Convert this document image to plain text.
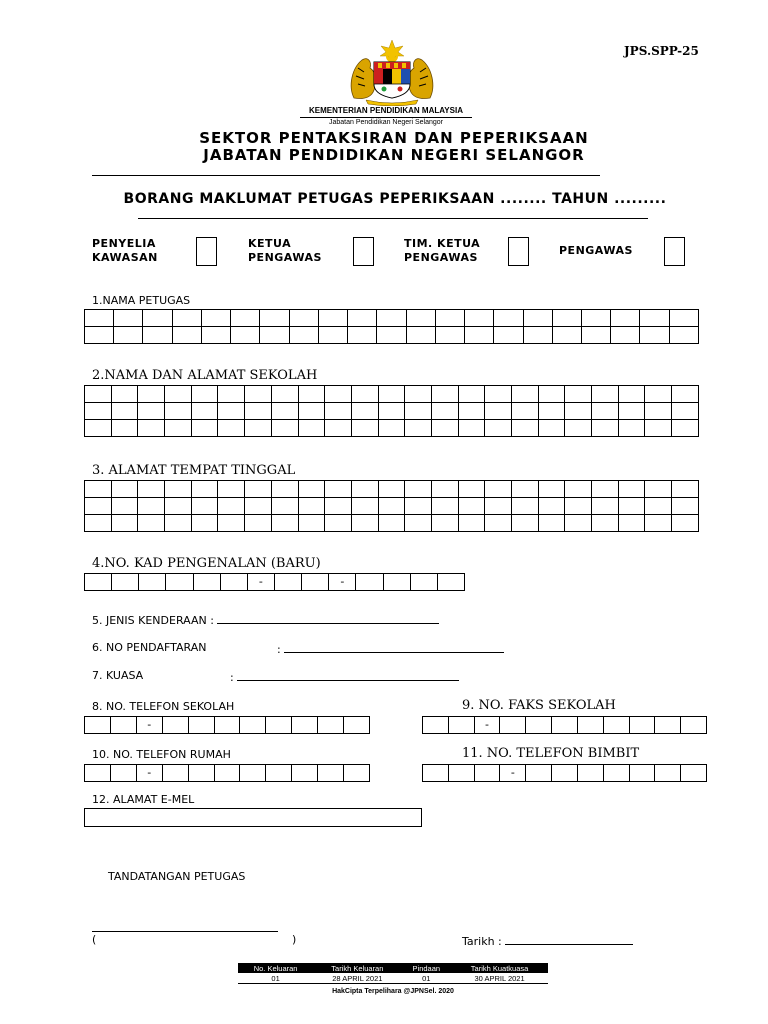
JPS.SPP-25
KEMENTERIAN PENDIDIKAN MALAYSIA
Jabatan Pendidikan Negeri Selangor
SEKTOR PENTAKSIRAN DAN PEPERIKSAAN
JABATAN PENDIDIKAN NEGERI SELANGOR
BORANG MAKLUMAT PETUGAS PEPERIKSAAN ........ TAHUN .........
PENYELIA
KAWASAN
KETUA
PENGAWAS
TIM. KETUA
PENGAWAS
PENGAWAS
1.NAMA PETUGAS

2.NAMA DAN ALAMAT SEKOLAH

3. ALAMAT TEMPAT TINGGAL

4.NO. KAD PENGENALAN (BARU)
						-			-				
5. JENIS KENDERAAN :
6. NO PENDAFTARAN	:
7. KUASA	:
8. NO. TELEFON SEKOLAH
		-								
9. NO. FAKS SEKOLAH
		-								
10. NO. TELEFON RUMAH
		-								
11. NO. TELEFON BIMBIT
			-							
12. ALAMAT E-MEL
TANDATANGAN PETUGAS
(	)	Tarikh :
No. Keluaran	Tarikh Keluaran	Pindaan	Tarikh Kuatkuasa
01	28 APRIL 2021	01	30 APRIL 2021
HakCipta Terpelihara @JPNSel. 2020
